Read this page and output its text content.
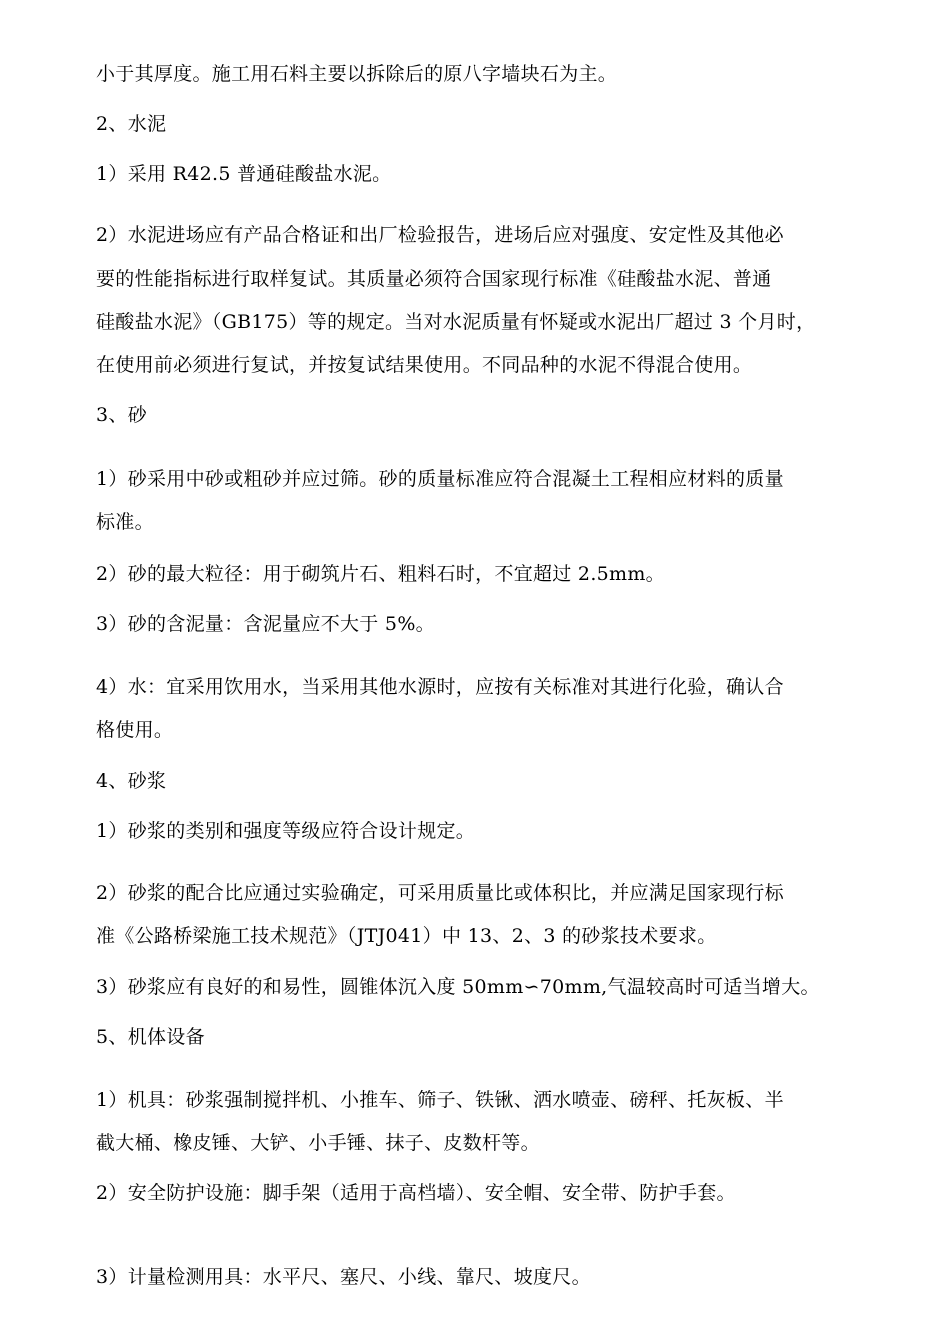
小于其厚度。施工用石料主要以拆除后的原八字墙块石为主。
2、水泥
1）采用 R42.5 普通硅酸盐水泥。
2）水泥进场应有产品合格证和出厂检验报告，进场后应对强度、安定性及其他必
要的性能指标进行取样复试。其质量必须符合国家现行标准《硅酸盐水泥、普通
硅酸盐水泥》（GB175）等的规定。当对水泥质量有怀疑或水泥出厂超过 3 个月时，
在使用前必须进行复试，并按复试结果使用。不同品种的水泥不得混合使用。
3、砂
1）砂采用中砂或粗砂并应过筛。砂的质量标准应符合混凝土工程相应材料的质量
标准。
2）砂的最大粒径：用于砌筑片石、粗料石时，不宜超过 2.5mm。
3）砂的含泥量：含泥量应不大于 5%。
4）水：宜采用饮用水，当采用其他水源时，应按有关标准对其进行化验，确认合
格使用。
4、砂浆
1）砂浆的类别和强度等级应符合设计规定。
2）砂浆的配合比应通过实验确定，可采用质量比或体积比，并应满足国家现行标
准《公路桥梁施工技术规范》（JTJ041）中 13、2、3 的砂浆技术要求。
3）砂浆应有良好的和易性，圆锥体沉入度 50mm∽70mm,气温较高时可适当增大。
5、机体设备
1）机具：砂浆强制搅拌机、小推车、筛子、铁锹、洒水喷壶、磅秤、托灰板、半
截大桶、橡皮锤、大铲、小手锤、抹子、皮数杆等。
2）安全防护设施：脚手架（适用于高档墙）、安全帽、安全带、防护手套。
3）计量检测用具：水平尺、塞尺、小线、靠尺、坡度尺。
